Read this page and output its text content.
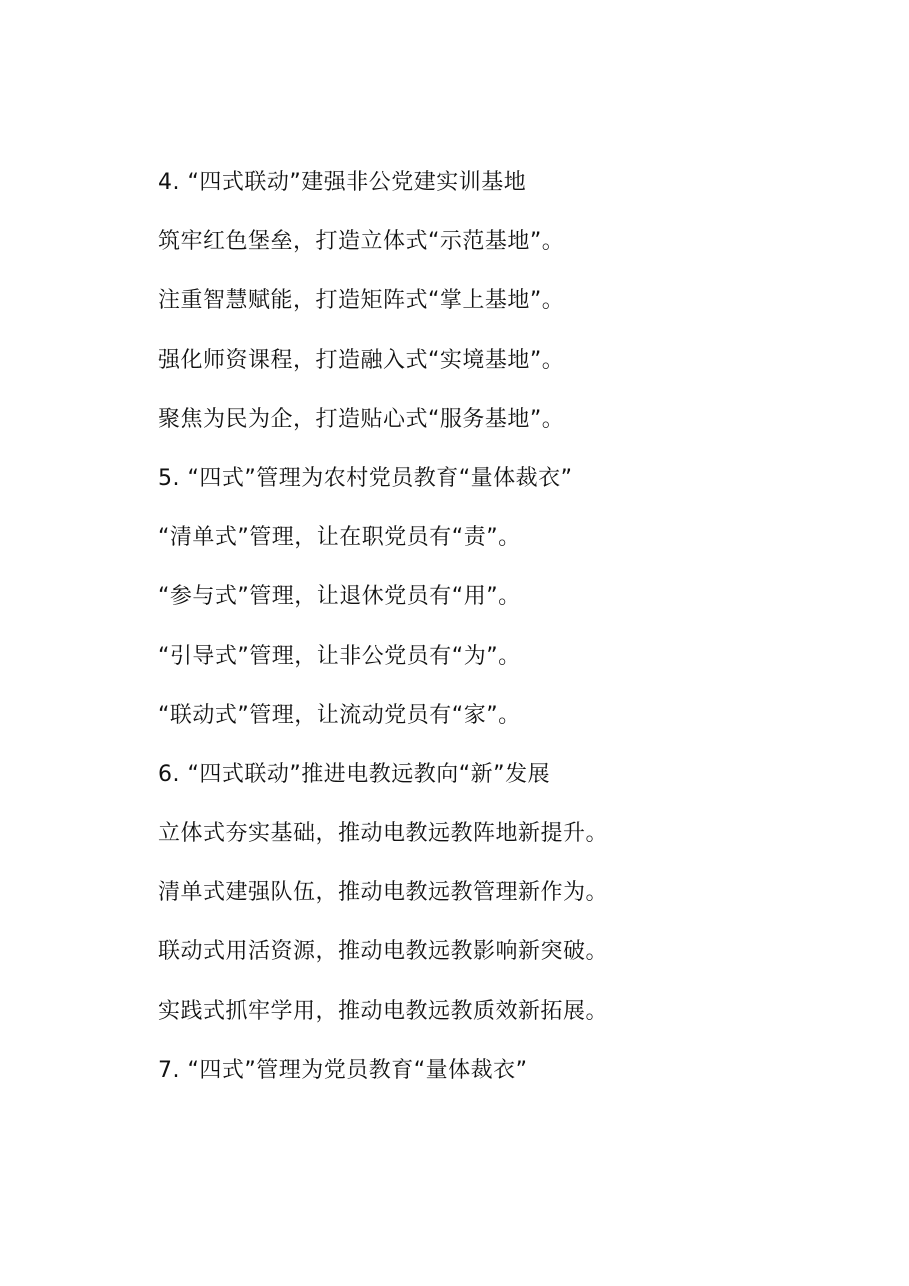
4. “四式联动”建强非公党建实训基地
筑牢红色堡垒，打造立体式“示范基地”。
注重智慧赋能，打造矩阵式“掌上基地”。
强化师资课程，打造融入式“实境基地”。
聚焦为民为企，打造贴心式“服务基地”。
5. “四式”管理为农村党员教育“量体裁衣”
“清单式”管理，让在职党员有“责”。
“参与式”管理，让退休党员有“用”。
“引导式”管理，让非公党员有“为”。
“联动式”管理，让流动党员有“家”。
6. “四式联动”推进电教远教向“新”发展
立体式夯实基础，推动电教远教阵地新提升。
清单式建强队伍，推动电教远教管理新作为。
联动式用活资源，推动电教远教影响新突破。
实践式抓牢学用，推动电教远教质效新拓展。
7. “四式”管理为党员教育“量体裁衣”
